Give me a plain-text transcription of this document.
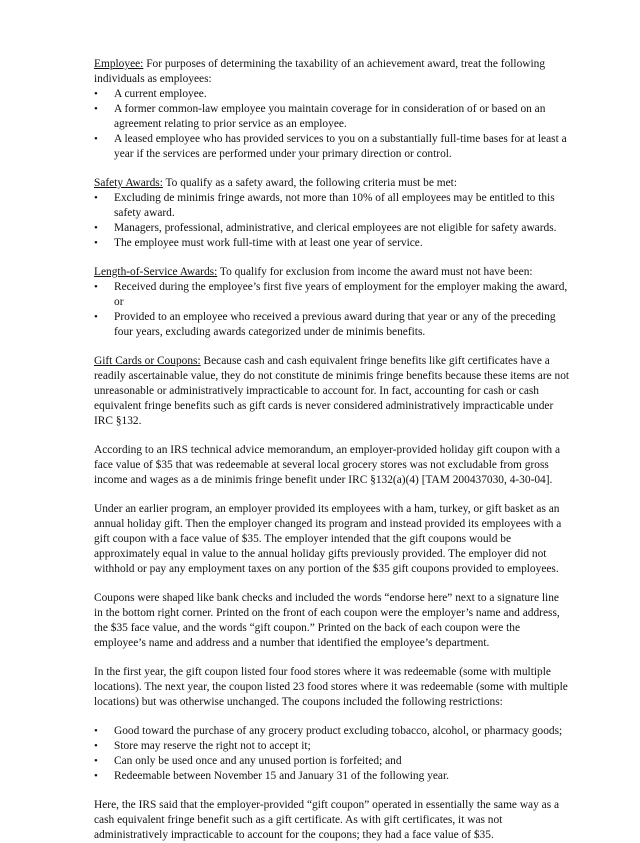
Employee: For purposes of determining the taxability of an achievement award, treat the following individuals as employees:

• A current employee.
• A former common-law employee you maintain coverage for in consideration of or based on an agreement relating to prior service as an employee.
• A leased employee who has provided services to you on a substantially full-time bases for at least a year if the services are performed under your primary direction or control.

Safety Awards: To qualify as a safety award, the following criteria must be met:

• Excluding de minimis fringe awards, not more than 10% of all employees may be entitled to this safety award.
• Managers, professional, administrative, and clerical employees are not eligible for safety awards.
• The employee must work full-time with at least one year of service.

Length-of-Service Awards: To qualify for exclusion from income the award must not have been:

• Received during the employee’s first five years of employment for the employer making the award, or
• Provided to an employee who received a previous award during that year or any of the preceding four years, excluding awards categorized under de minimis benefits.

Gift Cards or Coupons: Because cash and cash equivalent fringe benefits like gift certificates have a readily ascertainable value, they do not constitute de minimis fringe benefits because these items are not unreasonable or administratively impracticable to account for. In fact, accounting for cash or cash equivalent fringe benefits such as gift cards is never considered administratively impracticable under IRC §132.

According to an IRS technical advice memorandum, an employer-provided holiday gift coupon with a face value of $35 that was redeemable at several local grocery stores was not excludable from gross income and wages as a de minimis fringe benefit under IRC §132(a)(4) [TAM 200437030, 4-30-04].

Under an earlier program, an employer provided its employees with a ham, turkey, or gift basket as an annual holiday gift. Then the employer changed its program and instead provided its employees with a gift coupon with a face value of $35. The employer intended that the gift coupons would be approximately equal in value to the annual holiday gifts previously provided. The employer did not withhold or pay any employment taxes on any portion of the $35 gift coupons provided to employees.

Coupons were shaped like bank checks and included the words “endorse here” next to a signature line in the bottom right corner. Printed on the front of each coupon were the employer’s name and address, the $35 face value, and the words “gift coupon.” Printed on the back of each coupon were the employee’s name and address and a number that identified the employee’s department.

In the first year, the gift coupon listed four food stores where it was redeemable (some with multiple locations). The next year, the coupon listed 23 food stores where it was redeemable (some with multiple locations) but was otherwise unchanged. The coupons included the following restrictions:

• Good toward the purchase of any grocery product excluding tobacco, alcohol, or pharmacy goods;
• Store may reserve the right not to accept it;
• Can only be used once and any unused portion is forfeited; and
• Redeemable between November 15 and January 31 of the following year.

Here, the IRS said that the employer-provided “gift coupon” operated in essentially the same way as a cash equivalent fringe benefit such as a gift certificate. As with gift certificates, it was not administratively impracticable to account for the coupons; they had a face value of $35.
